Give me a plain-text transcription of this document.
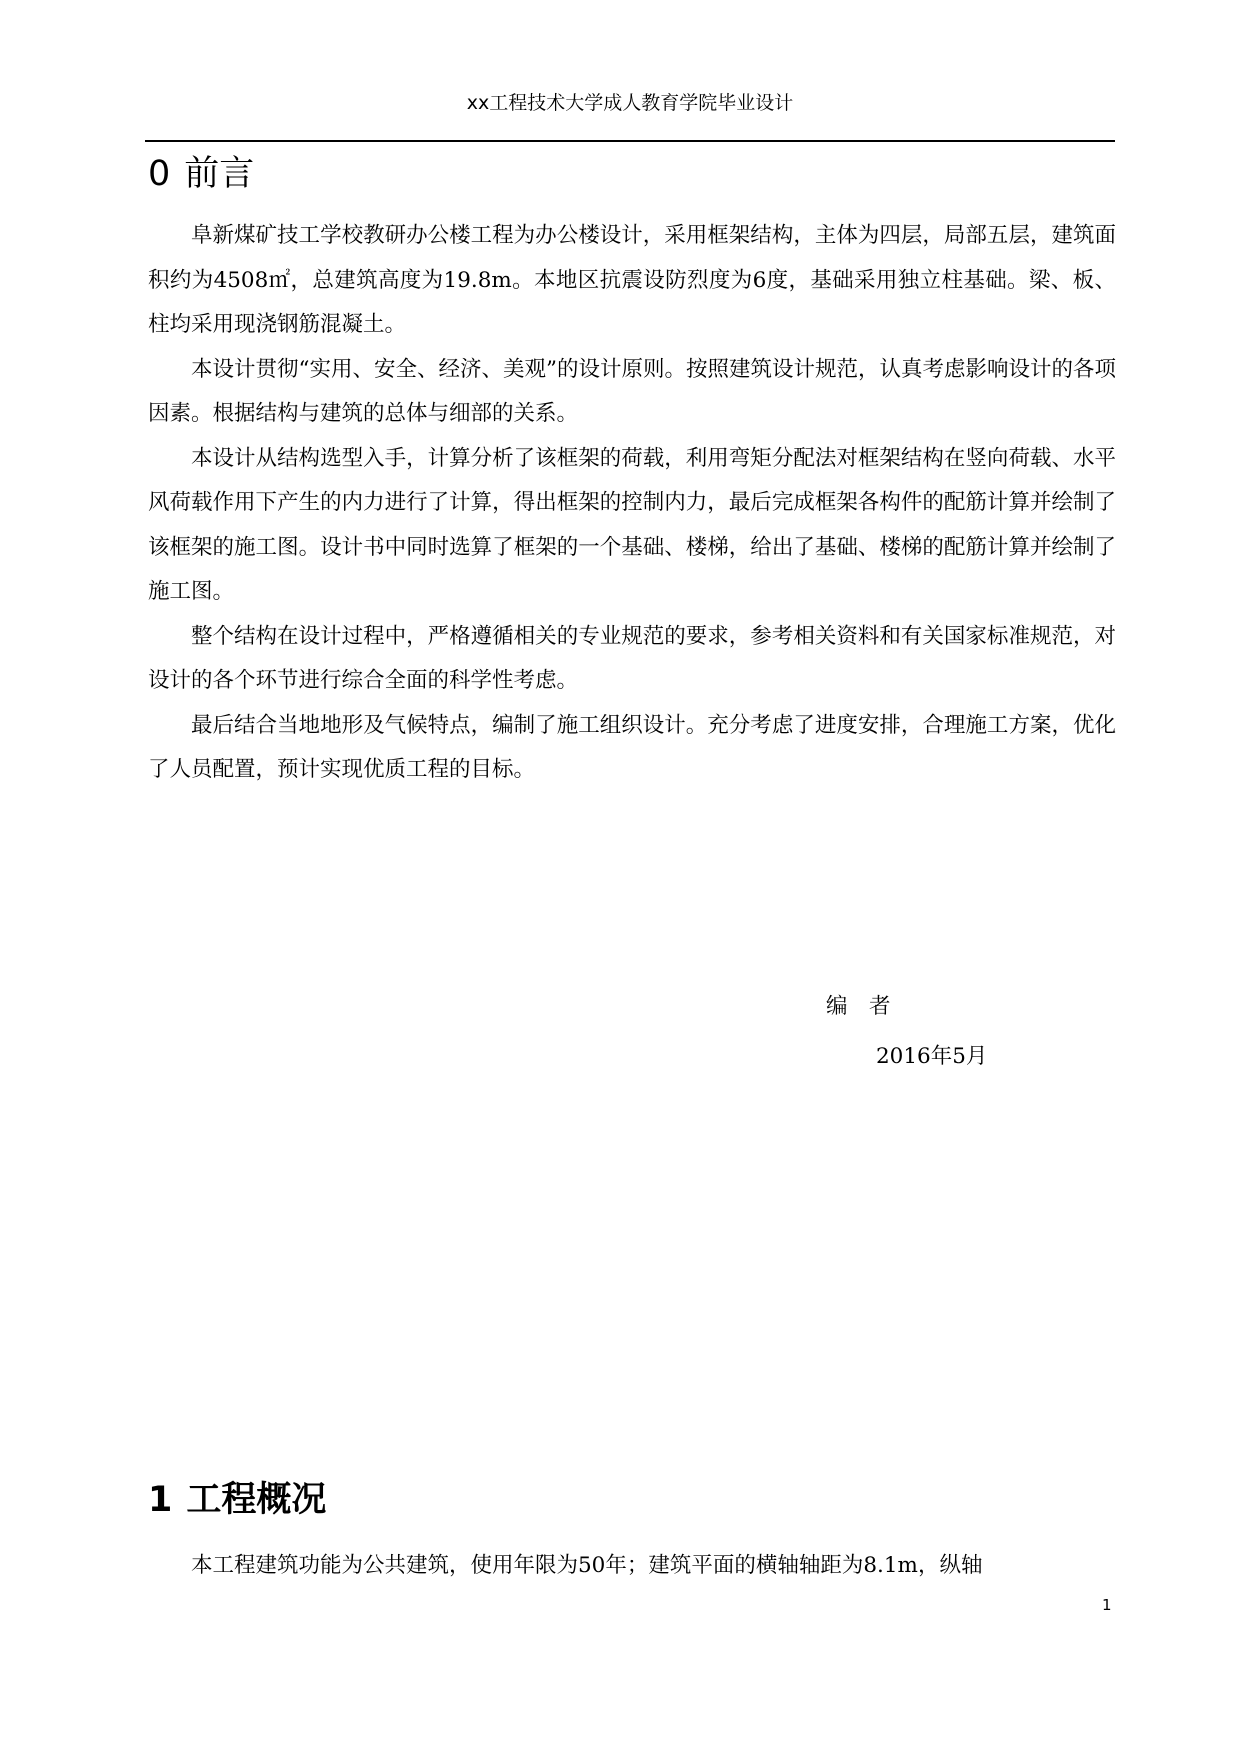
xx工程技术大学成人教育学院毕业设计
0 前言

阜新煤矿技工学校教研办公楼工程为办公楼设计，采用框架结构，主体为四层，局部五层，建筑面积约为4508㎡，总建筑高度为19.8m。本地区抗震设防烈度为6度，基础采用独立柱基础。梁、板、柱均采用现浇钢筋混凝土。

本设计贯彻“实用、安全、经济、美观”的设计原则。按照建筑设计规范，认真考虑影响设计的各项因素。根据结构与建筑的总体与细部的关系。

本设计从结构选型入手，计算分析了该框架的荷载，利用弯矩分配法对框架结构在竖向荷载、水平风荷载作用下产生的内力进行了计算，得出框架的控制内力，最后完成框架各构件的配筋计算并绘制了该框架的施工图。设计书中同时选算了框架的一个基础、楼梯，给出了基础、楼梯的配筋计算并绘制了施工图。

整个结构在设计过程中，严格遵循相关的专业规范的要求，参考相关资料和有关国家标准规范，对设计的各个环节进行综合全面的科学性考虑。

最后结合当地地形及气候特点，编制了施工组织设计。充分考虑了进度安排，合理施工方案，优化了人员配置，预计实现优质工程的目标。

编　者
2016年5月
1 工程概况

本工程建筑功能为公共建筑，使用年限为50年；建筑平面的横轴轴距为8.1m，纵轴

1
